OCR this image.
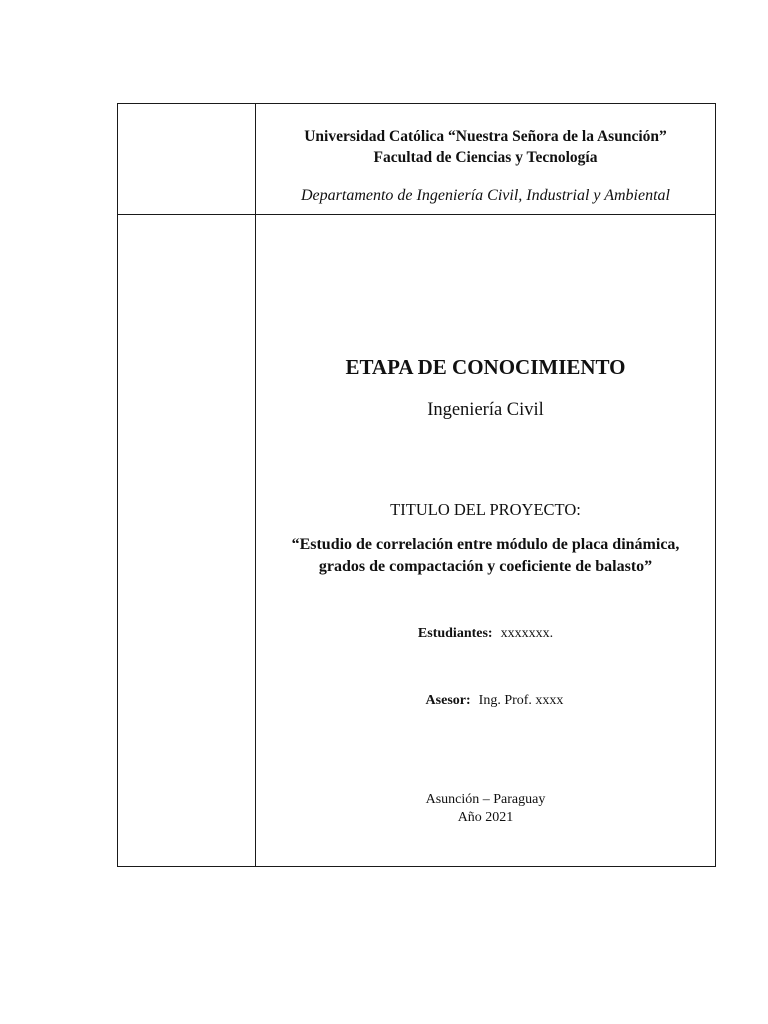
Universidad Católica “Nuestra Señora de la Asunción”
Facultad de Ciencias y Tecnología
Departamento de Ingeniería Civil, Industrial y Ambiental
ETAPA DE CONOCIMIENTO
Ingeniería Civil
TITULO DEL PROYECTO:
“Estudio de correlación entre módulo de placa dinámica,
grados de compactación y coeficiente de balasto”
Estudiantes: xxxxxxx.
Asesor: Ing. Prof. xxxx
Asunción – Paraguay
Año 2021
